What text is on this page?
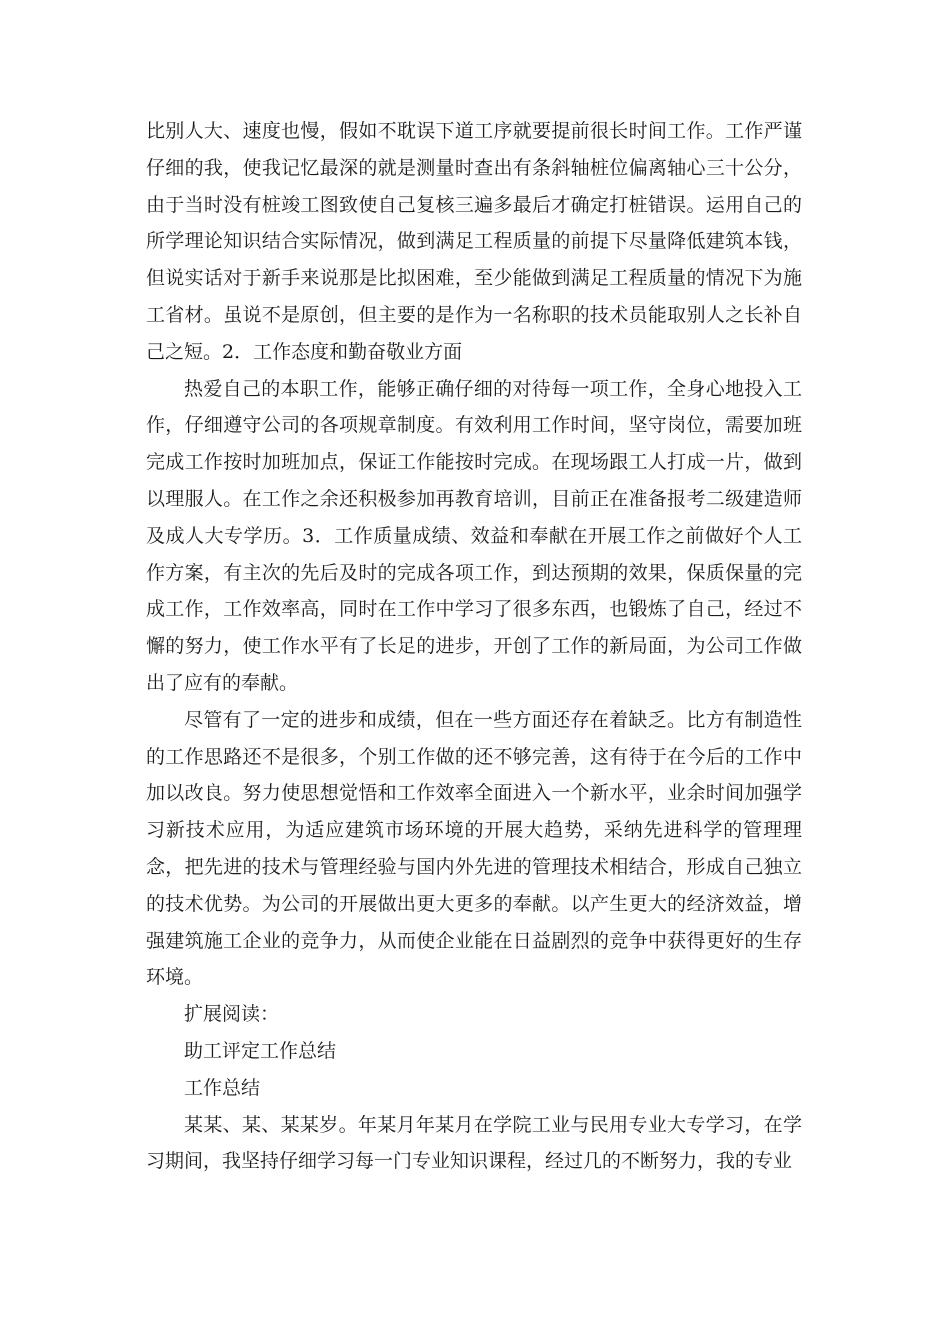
比别人大、速度也慢，假如不耽误下道工序就要提前很长时间工作。工作严谨仔细的我，使我记忆最深的就是测量时查出有条斜轴桩位偏离轴心三十公分，由于当时没有桩竣工图致使自己复核三遍多最后才确定打桩错误。运用自己的所学理论知识结合实际情况，做到满足工程质量的前提下尽量降低建筑本钱，但说实话对于新手来说那是比拟困难，至少能做到满足工程质量的情况下为施工省材。虽说不是原创，但主要的是作为一名称职的技术员能取别人之长补自己之短。2．工作态度和勤奋敬业方面

热爱自己的本职工作，能够正确仔细的对待每一项工作，全身心地投入工作，仔细遵守公司的各项规章制度。有效利用工作时间，坚守岗位，需要加班完成工作按时加班加点，保证工作能按时完成。在现场跟工人打成一片，做到以理服人。在工作之余还积极参加再教育培训，目前正在准备报考二级建造师及成人大专学历。3．工作质量成绩、效益和奉献在开展工作之前做好个人工作方案，有主次的先后及时的完成各项工作，到达预期的效果，保质保量的完成工作，工作效率高，同时在工作中学习了很多东西，也锻炼了自己，经过不懈的努力，使工作水平有了长足的进步，开创了工作的新局面，为公司工作做出了应有的奉献。

尽管有了一定的进步和成绩，但在一些方面还存在着缺乏。比方有制造性的工作思路还不是很多，个别工作做的还不够完善，这有待于在今后的工作中加以改良。努力使思想觉悟和工作效率全面进入一个新水平，业余时间加强学习新技术应用，为适应建筑市场环境的开展大趋势，采纳先进科学的管理理念，把先进的技术与管理经验与国内外先进的管理技术相结合，形成自己独立的技术优势。为公司的开展做出更大更多的奉献。以产生更大的经济效益，增强建筑施工企业的竞争力，从而使企业能在日益剧烈的竞争中获得更好的生存环境。

扩展阅读：

助工评定工作总结

工作总结

某某、某、某某岁。年某月年某月在学院工业与民用专业大专学习，在学习期间，我坚持仔细学习每一门专业知识课程，经过几的不断努力，我的专业
